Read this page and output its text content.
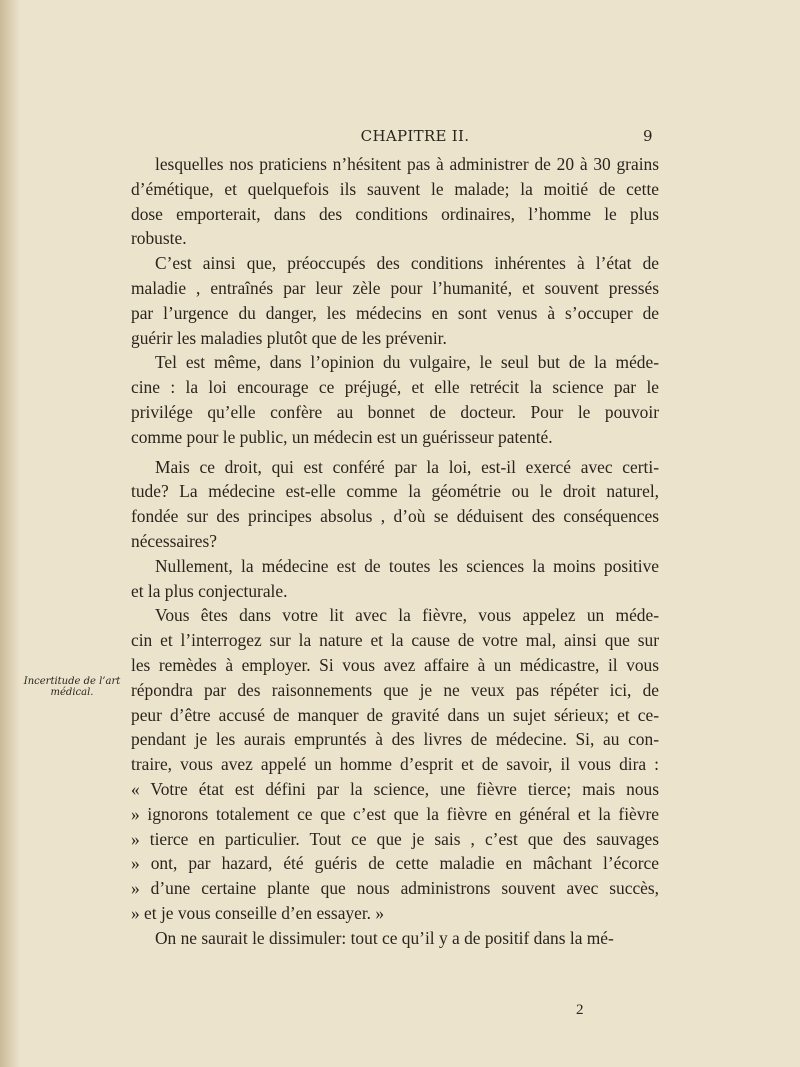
CHAPITRE II.	9
Incertitude de l’art médical.
lesquelles nos praticiens n’hésitent pas à administrer de 20 à 30 grains
d’émétique, et quelquefois ils sauvent le malade; la moitié de cette
dose emporterait, dans des conditions ordinaires, l’homme le plus
robuste.
C’est ainsi que, préoccupés des conditions inhérentes à l’état de
maladie , entraînés par leur zèle pour l’humanité, et souvent pressés
par l’urgence du danger, les médecins en sont venus à s’occuper de
guérir les maladies plutôt que de les prévenir.
Tel est même, dans l’opinion du vulgaire, le seul but de la méde-
cine : la loi encourage ce préjugé, et elle retrécit la science par le
privilége qu’elle confère au bonnet de docteur. Pour le pouvoir
comme pour le public, un médecin est un guérisseur patenté.
Mais ce droit, qui est conféré par la loi, est-il exercé avec certi-
tude? La médecine est-elle comme la géométrie ou le droit naturel,
fondée sur des principes absolus , d’où se déduisent des conséquences
nécessaires?
Nullement, la médecine est de toutes les sciences la moins positive
et la plus conjecturale.
Vous êtes dans votre lit avec la fièvre, vous appelez un méde-
cin et l’interrogez sur la nature et la cause de votre mal, ainsi que sur
les remèdes à employer. Si vous avez affaire à un médicastre, il vous
répondra par des raisonnements que je ne veux pas répéter ici, de
peur d’être accusé de manquer de gravité dans un sujet sérieux; et ce-
pendant je les aurais empruntés à des livres de médecine. Si, au con-
traire, vous avez appelé un homme d’esprit et de savoir, il vous dira :
« Votre état est défini par la science, une fièvre tierce; mais nous
» ignorons totalement ce que c’est que la fièvre en général et la fièvre
» tierce en particulier. Tout ce que je sais , c’est que des sauvages
» ont, par hazard, été guéris de cette maladie en mâchant l’écorce
» d’une certaine plante que nous administrons souvent avec succès,
» et je vous conseille d’en essayer. »
On ne saurait le dissimuler: tout ce qu’il y a de positif dans la mé-
2
